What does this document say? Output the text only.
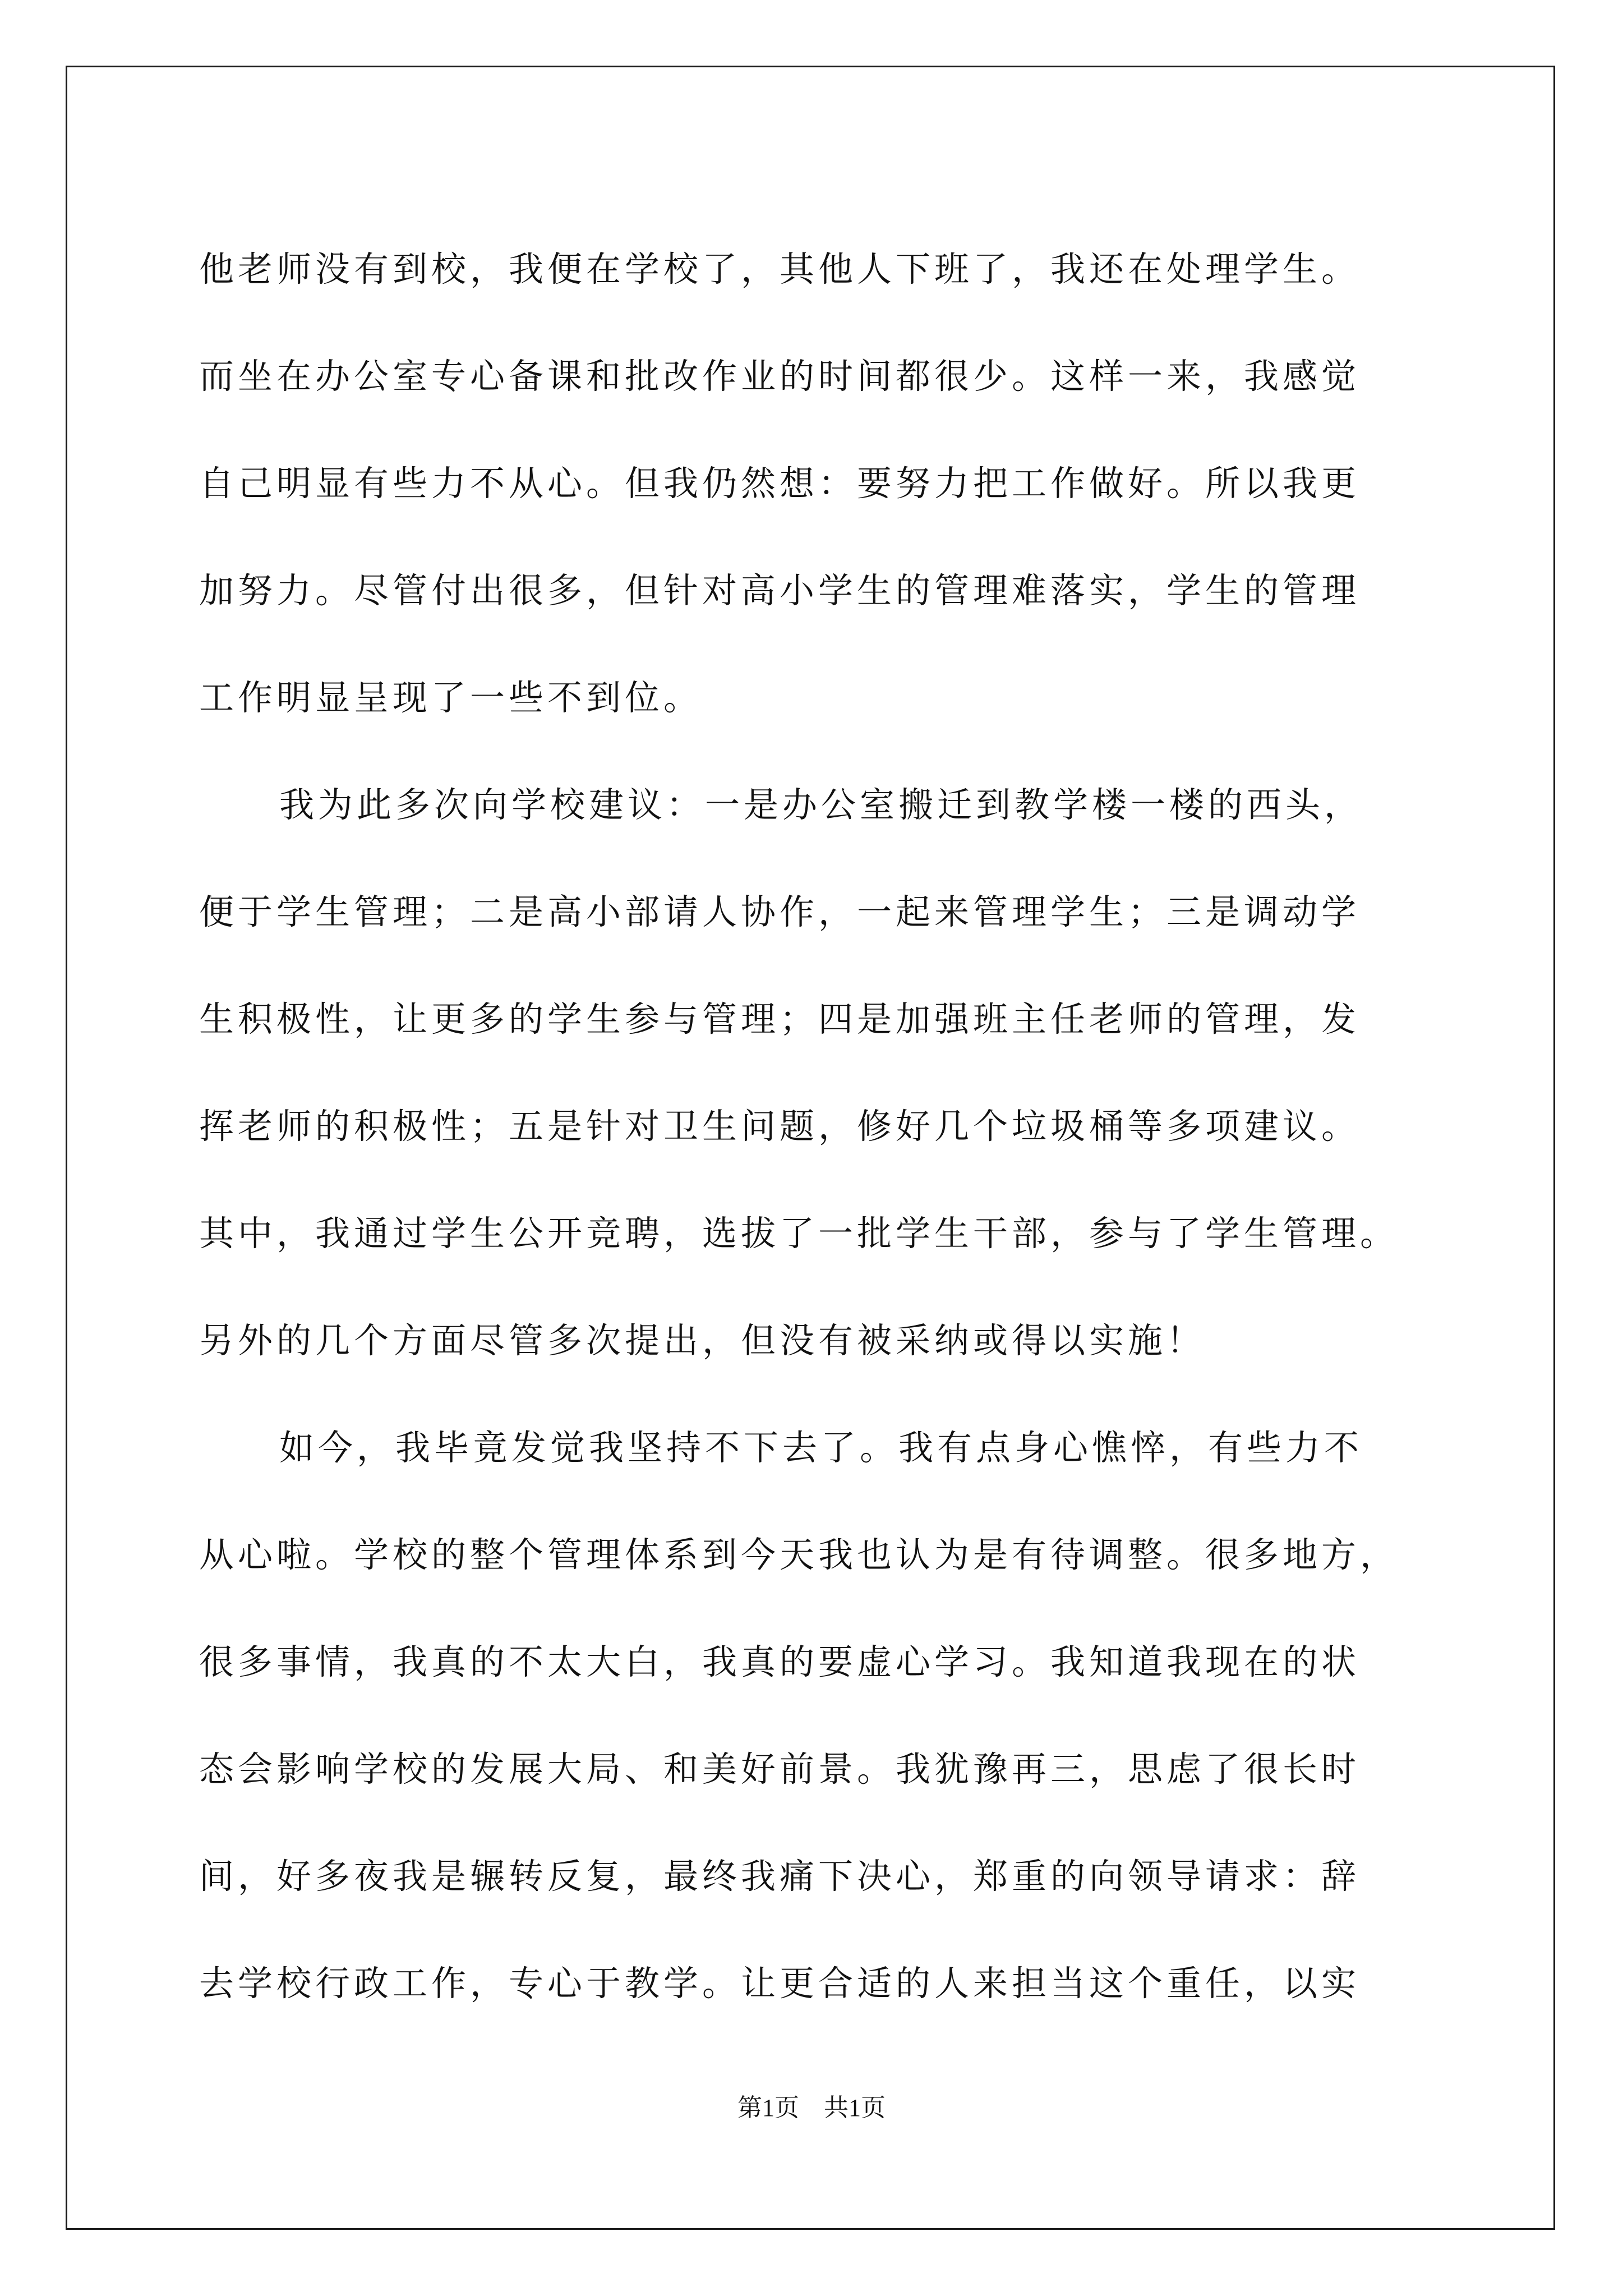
他老师没有到校，我便在学校了，其他人下班了，我还在处理学生。
而坐在办公室专心备课和批改作业的时间都很少。这样一来，我感觉
自己明显有些力不从心。但我仍然想：要努力把工作做好。所以我更
加努力。尽管付出很多，但针对高小学生的管理难落实，学生的管理
工作明显呈现了一些不到位。
我为此多次向学校建议：一是办公室搬迁到教学楼一楼的西头，
便于学生管理；二是高小部请人协作，一起来管理学生；三是调动学
生积极性，让更多的学生参与管理；四是加强班主任老师的管理，发
挥老师的积极性；五是针对卫生问题，修好几个垃圾桶等多项建议。
其中，我通过学生公开竞聘，选拔了一批学生干部，参与了学生管理。
另外的几个方面尽管多次提出，但没有被采纳或得以实施！
如今，我毕竟发觉我坚持不下去了。我有点身心憔悴，有些力不
从心啦。学校的整个管理体系到今天我也认为是有待调整。很多地方，
很多事情，我真的不太大白，我真的要虚心学习。我知道我现在的状
态会影响学校的发展大局、和美好前景。我犹豫再三，思虑了很长时
间，好多夜我是辗转反复，最终我痛下决心，郑重的向领导请求：辞
去学校行政工作，专心于教学。让更合适的人来担当这个重任，以实
第1页 共1页
